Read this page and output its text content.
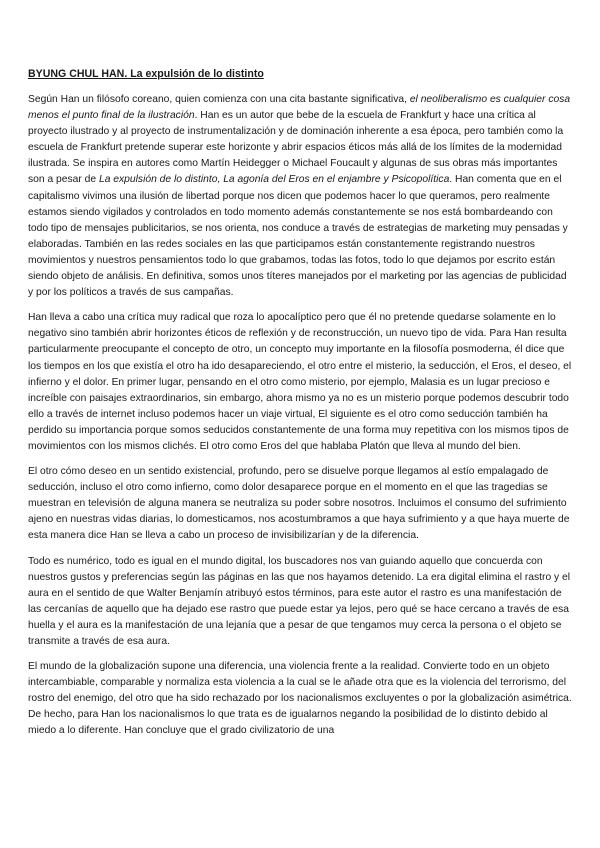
BYUNG CHUL HAN. La expulsión de lo distinto

Según Han un filósofo coreano, quien comienza con una cita bastante significativa, el neoliberalismo es cualquier cosa menos el punto final de la ilustración. Han es un autor que bebe de la escuela de Frankfurt y hace una crítica al proyecto ilustrado y al proyecto de instrumentalización y de dominación inherente a esa época, pero también como la escuela de Frankfurt pretende superar este horizonte y abrir espacios éticos más allá de los límites de la modernidad ilustrada. Se inspira en autores como Martín Heidegger o Michael Foucault y algunas de sus obras más importantes son a pesar de La expulsión de lo distinto, La agonía del Eros en el enjambre y Psicopolítica. Han comenta que en el capitalismo vivimos una ilusión de libertad porque nos dicen que podemos hacer lo que queramos, pero realmente estamos siendo vigilados y controlados en todo momento además constantemente se nos está bombardeando con todo tipo de mensajes publicitarios, se nos orienta, nos conduce a través de estrategias de marketing muy pensadas y elaboradas. También en las redes sociales en las que participamos están constantemente registrando nuestros movimientos y nuestros pensamientos todo lo que grabamos, todas las fotos, todo lo que dejamos por escrito están siendo objeto de análisis. En definitiva, somos unos títeres manejados por el marketing por las agencias de publicidad y por los políticos a través de sus campañas.

Han lleva a cabo una crítica muy radical que roza lo apocalíptico pero que él no pretende quedarse solamente en lo negativo sino también abrir horizontes éticos de reflexión y de reconstrucción, un nuevo tipo de vida. Para Han resulta particularmente preocupante el concepto de otro, un concepto muy importante en la filosofía posmoderna, él dice que los tiempos en los que existía el otro ha ido desapareciendo, el otro entre el misterio, la seducción, el Eros, el deseo, el infierno y el dolor. En primer lugar, pensando en el otro como misterio, por ejemplo, Malasia es un lugar precioso e increíble con paisajes extraordinarios, sin embargo, ahora mismo ya no es un misterio porque podemos descubrir todo ello a través de internet incluso podemos hacer un viaje virtual, El siguiente es el otro como seducción también ha perdido su importancia porque somos seducidos constantemente de una forma muy repetitiva con los mismos tipos de movimientos con los mismos clichés. El otro como Eros del que hablaba Platón que lleva al mundo del bien.

El otro cómo deseo en un sentido existencial, profundo, pero se disuelve porque llegamos al estío empalagado de seducción, incluso el otro como infierno, como dolor desaparece porque en el momento en el que las tragedias se muestran en televisión de alguna manera se neutraliza su poder sobre nosotros. Incluimos el consumo del sufrimiento ajeno en nuestras vidas diarias, lo domesticamos, nos acostumbramos a que haya sufrimiento y a que haya muerte de esta manera dice Han se lleva a cabo un proceso de invisibilizarían y de la diferencia.

Todo es numérico, todo es igual en el mundo digital, los buscadores nos van guiando aquello que concuerda con nuestros gustos y preferencias según las páginas en las que nos hayamos detenido. La era digital elimina el rastro y el aura en el sentido de que Walter Benjamín atribuyó estos términos, para este autor el rastro es una manifestación de las cercanías de aquello que ha dejado ese rastro que puede estar ya lejos, pero qué se hace cercano a través de esa huella y el aura es la manifestación de una lejanía que a pesar de que tengamos muy cerca la persona o el objeto se transmite a través de esa aura.

El mundo de la globalización supone una diferencia, una violencia frente a la realidad. Convierte todo en un objeto intercambiable, comparable y normaliza esta violencia a la cual se le añade otra que es la violencia del terrorismo, del rostro del enemigo, del otro que ha sido rechazado por los nacionalismos excluyentes o por la globalización asimétrica. De hecho, para Han los nacionalismos lo que trata es de igualarnos negando la posibilidad de lo distinto debido al miedo a lo diferente. Han concluye que el grado civilizatorio de una
